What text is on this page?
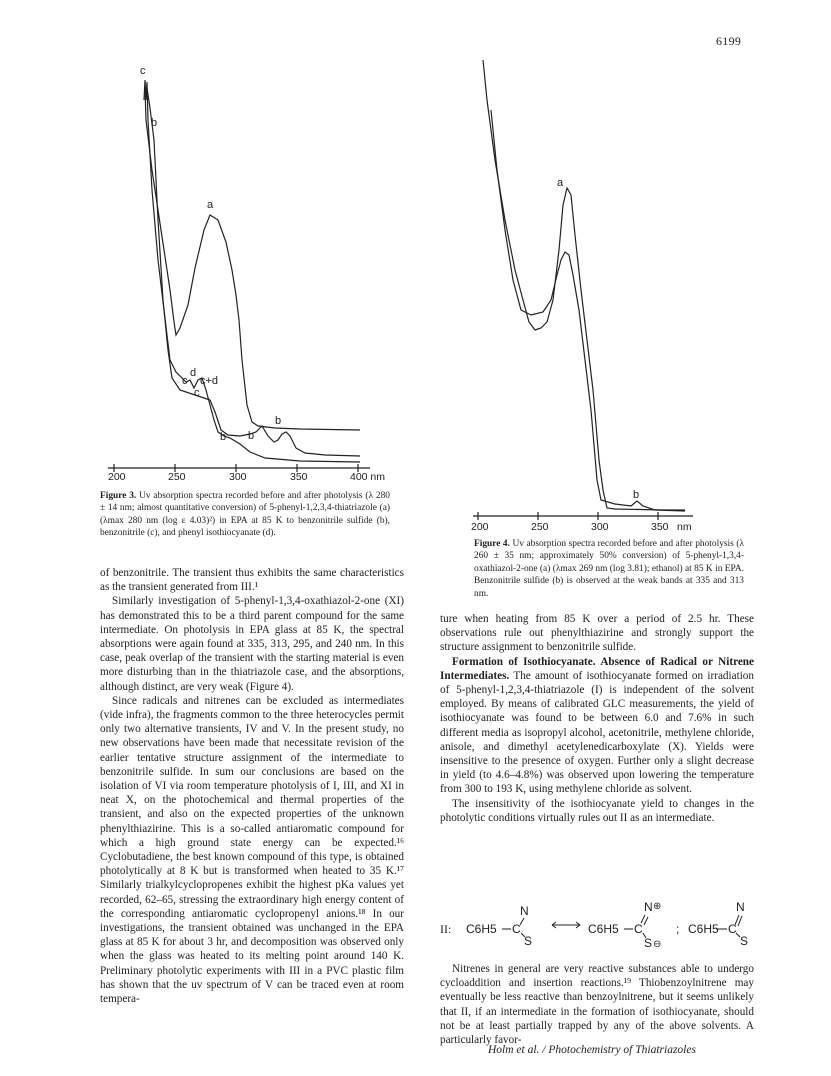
6199
200	250	300	350	400 nm
c
b
a
c
d
c+d
c
b b
b
Figure 3. Uv absorption spectra recorded before and after photolysis (λ 280 ± 14 nm; almost quantitative conversion) of 5-phenyl-1,2,3,4-thiatriazole (a) (λmax 280 nm (log ε 4.03)²) in EPA at 85 K to benzonitrile sulfide (b), benzonitrile (c), and phenyl isothiocyanate (d).
200	250	300	350 nm
a
b
Figure 4. Uv absorption spectra recorded before and after photolysis (λ 260 ± 35 nm; approximately 50% conversion) of 5-phenyl-1,3,4-oxathiazol-2-one (a) (λmax 269 nm (log 3.81); ethanol) at 85 K in EPA. Benzonitrile sulfide (b) is observed at the weak bands at 335 and 313 nm.

of benzonitrile. The transient thus exhibits the same characteristics as the transient generated from III.¹

Similarly investigation of 5-phenyl-1,3,4-oxathiazol-2-one (XI) has demonstrated this to be a third parent compound for the same intermediate. On photolysis in EPA glass at 85 K, the spectral absorptions were again found at 335, 313, 295, and 240 nm. In this case, peak overlap of the transient with the starting material is even more disturbing than in the thiatriazole case, and the absorptions, although distinct, are very weak (Figure 4).

Since radicals and nitrenes can be excluded as intermediates (vide infra), the fragments common to the three heterocycles permit only two alternative transients, IV and V. In the present study, no new observations have been made that necessitate revision of the earlier tentative structure assignment of the intermediate to benzonitrile sulfide. In sum our conclusions are based on the isolation of VI via room temperature photolysis of I, III, and XI in neat X, on the photochemical and thermal properties of the transient, and also on the expected properties of the unknown phenylthiazirine. This is a so-called antiaromatic compound for which a high ground state energy can be expected.¹⁶ Cyclobutadiene, the best known compound of this type, is obtained photolytically at 8 K but is transformed when heated to 35 K.¹⁷ Similarly trialkylcyclopropenes exhibit the highest pKa values yet recorded, 62–65, stressing the extraordinary high energy content of the corresponding antiaromatic cyclopropenyl anions.¹⁸ In our investigations, the transient obtained was unchanged in the EPA glass at 85 K for about 3 hr, and decomposition was observed only when the glass was heated to its melting point around 140 K. Preliminary photolytic experiments with III in a PVC plastic film has shown that the uv spectrum of V can be traced even at room tempera-

ture when heating from 85 K over a period of 2.5 hr. These observations rule out phenylthiazirine and strongly support the structure assignment to benzonitrile sulfide.

Formation of Isothiocyanate. Absence of Radical or Nitrene Intermediates. The amount of isothiocyanate formed on irradiation of 5-phenyl-1,2,3,4-thiatriazole (I) is independent of the solvent employed. By means of calibrated GLC measurements, the yield of isothiocyanate was found to be between 6.0 and 7.6% in such different media as isopropyl alcohol, acetonitrile, methylene chloride, anisole, and dimethyl acetylenedicarboxylate (X). Yields were insensitive to the presence of oxygen. Further only a slight decrease in yield (to 4.6–4.8%) was observed upon lowering the temperature from 300 to 193 K, using methylene chloride as solvent.

The insensitivity of the isothiocyanate yield to changes in the photolytic conditions virtually rules out II as an intermediate.

II: C6H5 C
N
S
C6H5 C
N ⊕
S ⊖
; C6H5 C
N
S

Nitrenes in general are very reactive substances able to undergo cycloaddition and insertion reactions.¹⁹ Thiobenzoylnitrene may eventually be less reactive than benzoylnitrene, but it seems unlikely that II, if an intermediate in the formation of isothiocyanate, should not be at least partially trapped by any of the above solvents. A particularly favor-

Holm et al. / Photochemistry of Thiatriazoles
